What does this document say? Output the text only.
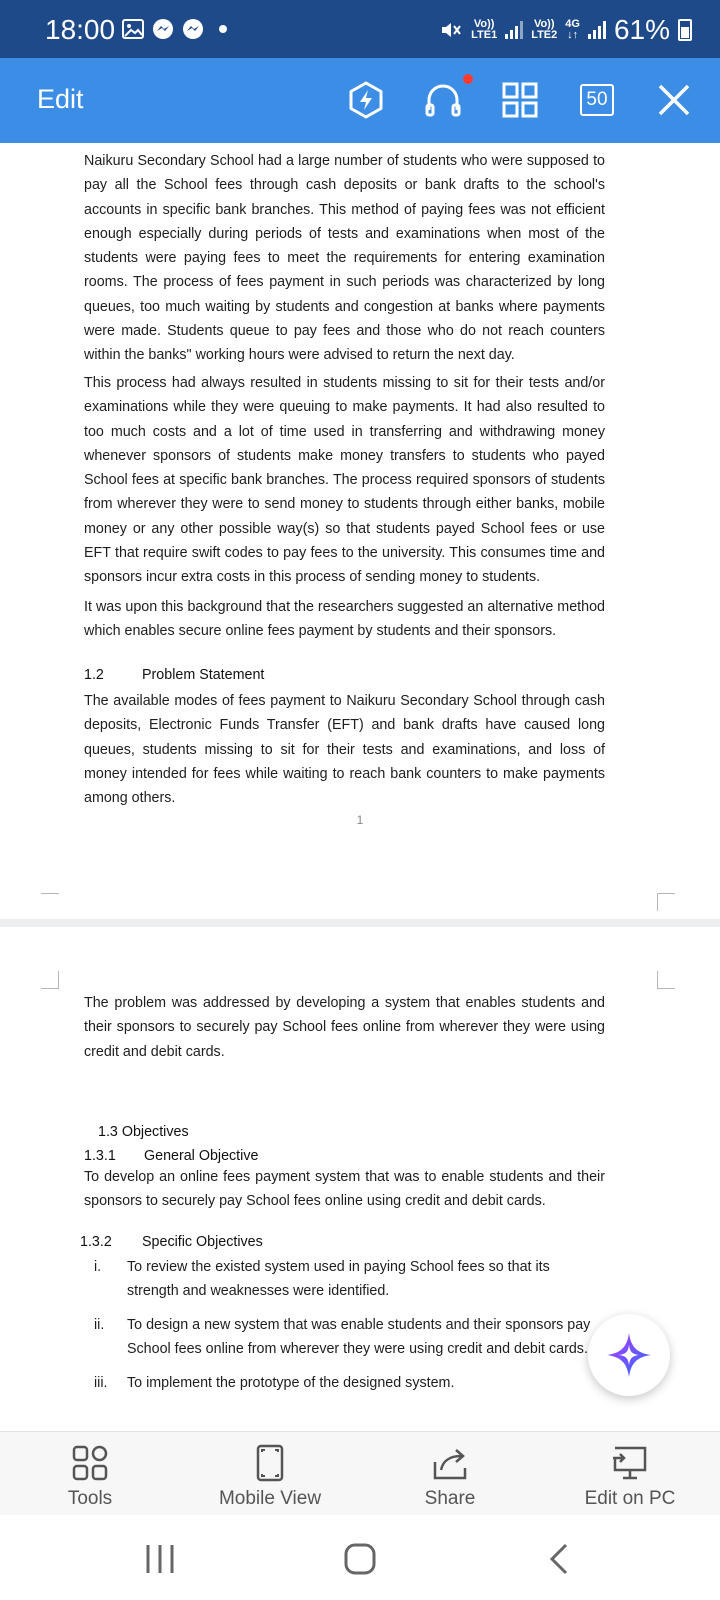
18:00	Vo))
LTE1
Vo))
LTE2
4G
↓↑ 61%
Edit	50

Naikuru Secondary School had a large number of students who were supposed to pay all the School fees through cash deposits or bank drafts to the school's accounts in specific bank branches. This method of paying fees was not efficient enough especially during periods of tests and examinations when most of the students were paying fees to meet the requirements for entering examination rooms. The process of fees payment in such periods was characterized by long queues, too much waiting by students and congestion at banks where payments were made. Students queue to pay fees and those who do not reach counters within the banks" working hours were advised to return the next day.

This process had always resulted in students missing to sit for their tests and/or examinations while they were queuing to make payments. It had also resulted to too much costs and a lot of time used in transferring and withdrawing money whenever sponsors of students make money transfers to students who payed School fees at specific bank branches. The process required sponsors of students from wherever they were to send money to students through either banks, mobile money or any other possible way(s) so that students payed School fees or use EFT that require swift codes to pay fees to the university. This consumes time and sponsors incur extra costs in this process of sending money to students.

It was upon this background that the researchers suggested an alternative method which enables secure online fees payment by students and their sponsors.

1.2	Problem Statement

The available modes of fees payment to Naikuru Secondary School through cash deposits, Electronic Funds Transfer (EFT) and bank drafts have caused long queues, students missing to sit for their tests and examinations, and loss of money intended for fees while waiting to reach bank counters to make payments among others.

1

The problem was addressed by developing a system that enables students and their sponsors to securely pay School fees online from wherever they were using credit and debit cards.

1.3 Objectives
1.3.1	General Objective

To develop an online fees payment system that was to enable students and their sponsors to securely pay School fees online using credit and debit cards.

1.3.2	Specific Objectives
i.	To review the existed system used in paying School fees so that its strength and weaknesses were identified.
ii.	To design a new system that was enable students and their sponsors pay School fees online from wherever they were using credit and debit cards.
iii.	To implement the prototype of the designed system.
Tools	Mobile View	Share	Edit on PC
